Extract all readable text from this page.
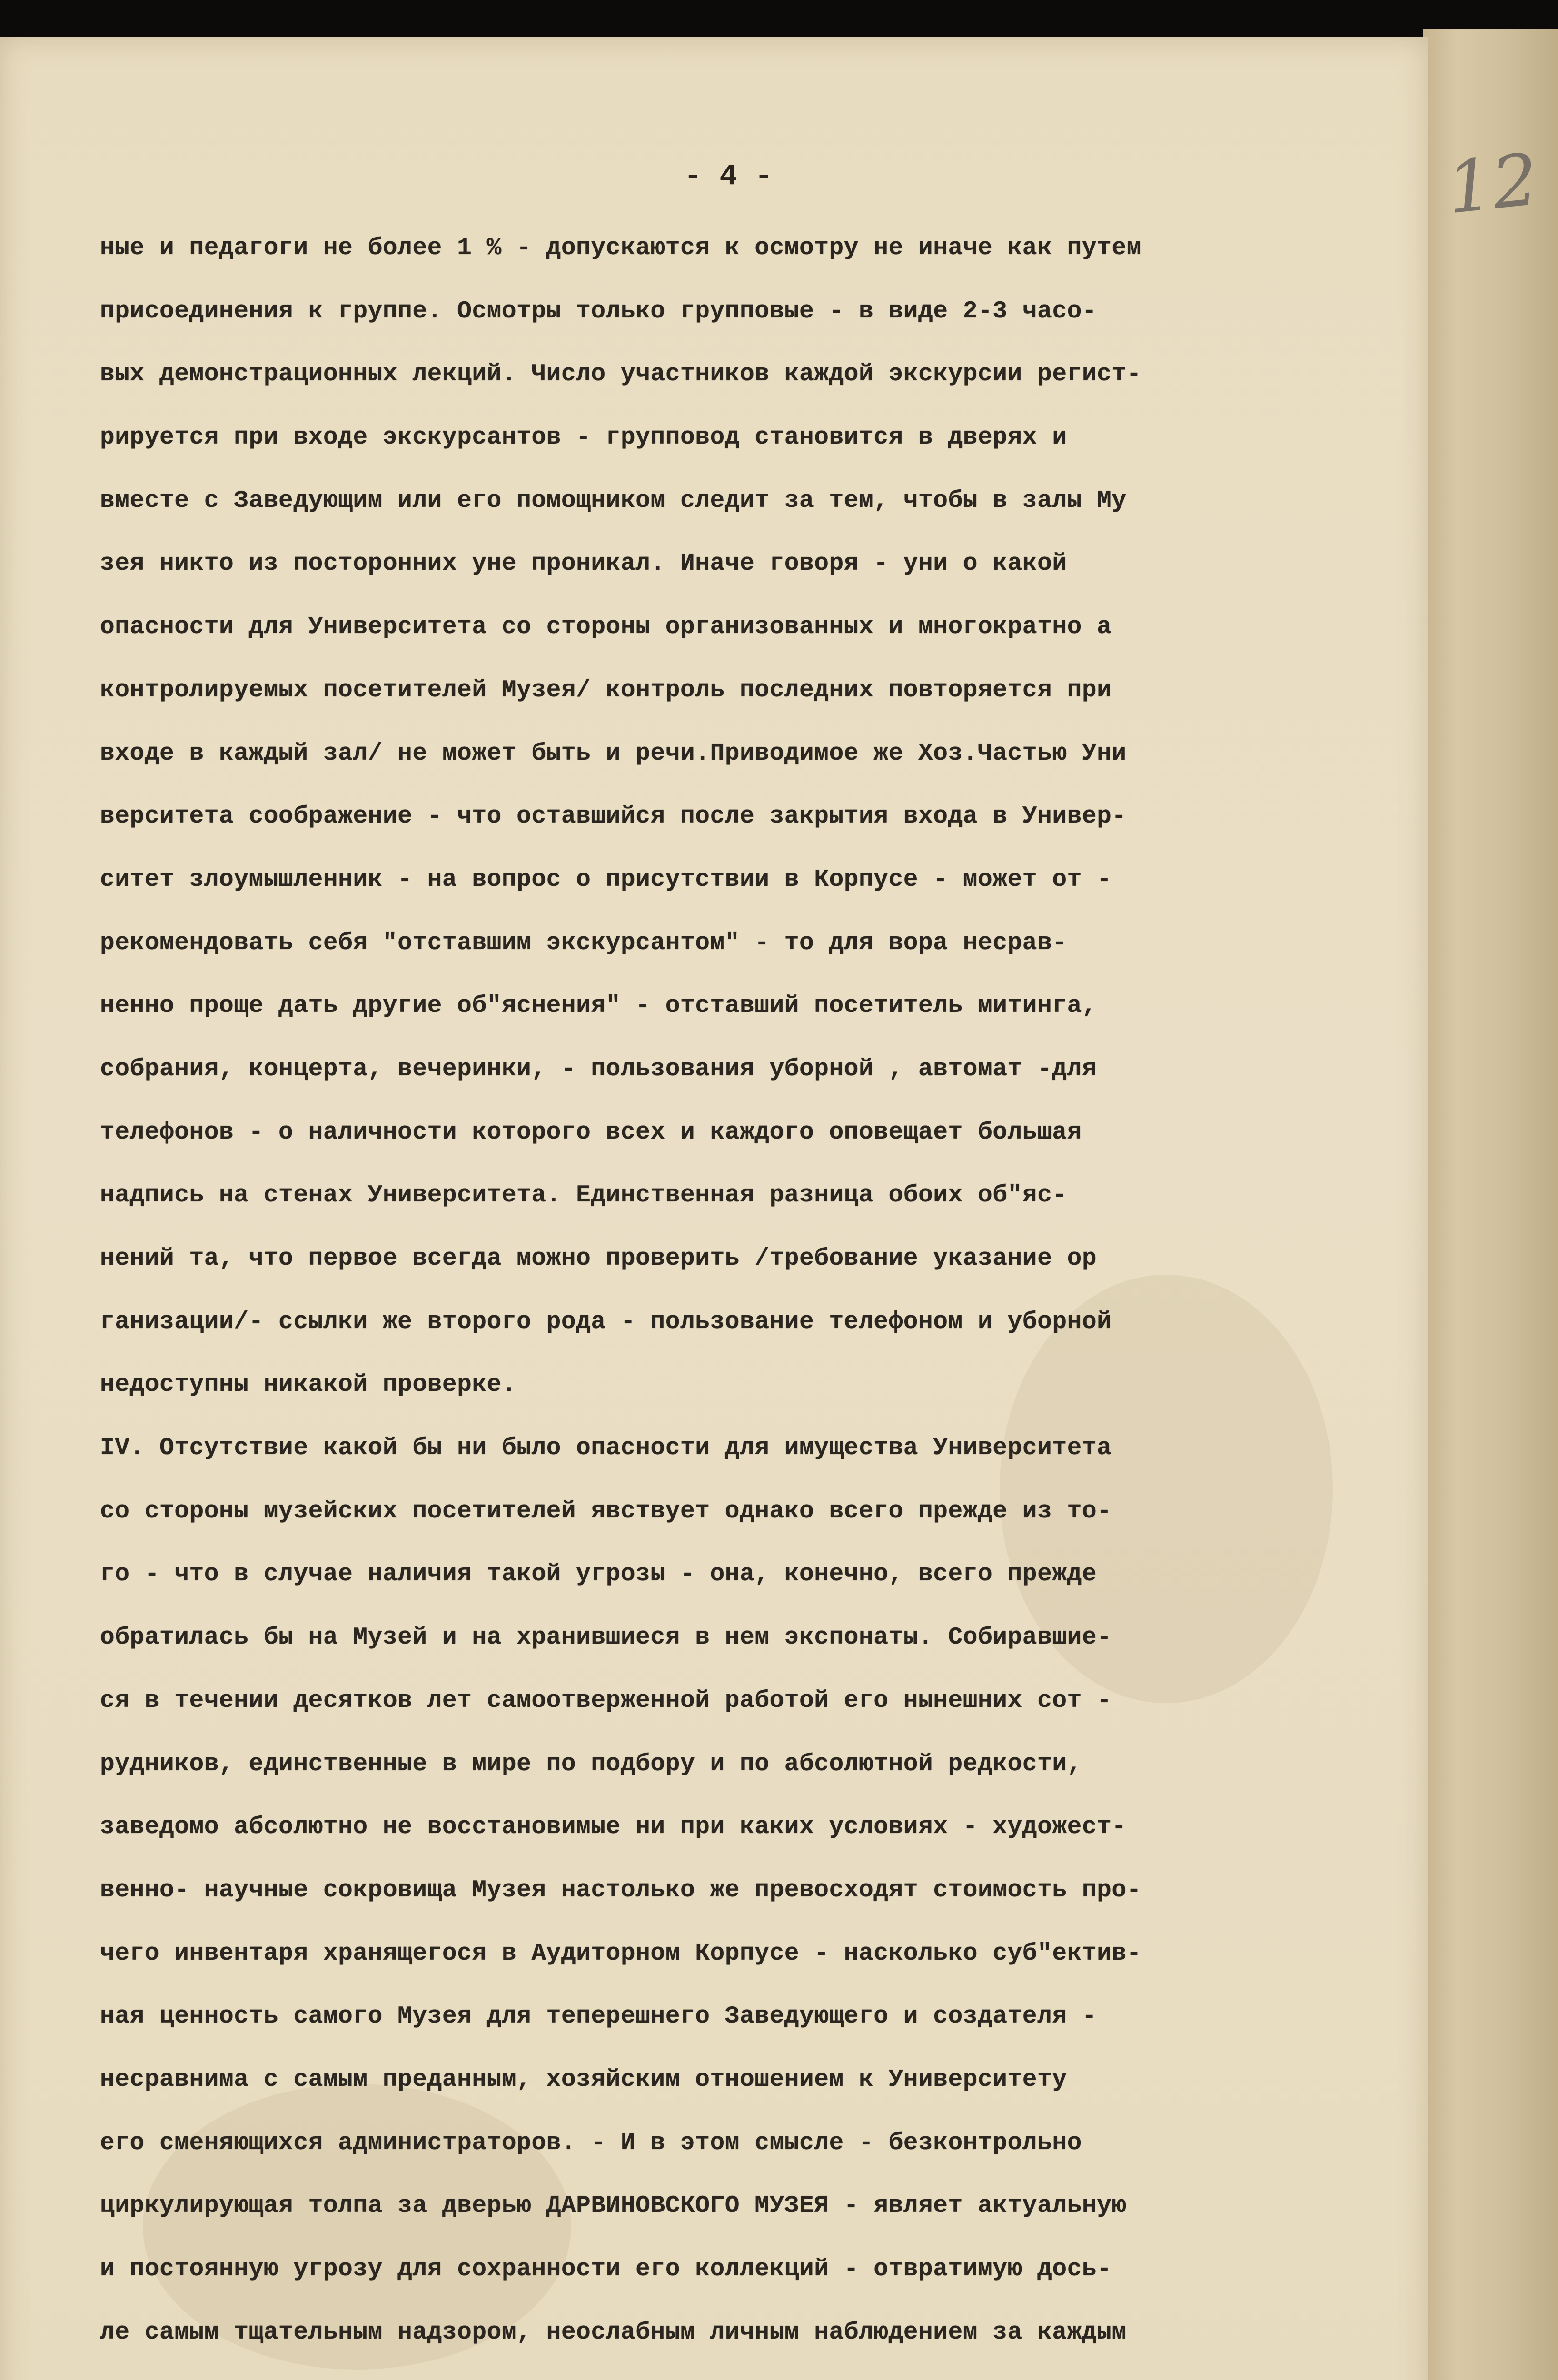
- 4 -	12
ные и педагоги не более 1 % - допускаются к осмотру не иначе как путем
присоединения к группе. Осмотры только групповые - в виде 2-3 часо-
вых демонстрационных лекций. Число участников каждой экскурсии регист-
рируется при входе экскурсантов - групповод становится в дверях и
вместе с Заведующим или его помощником следит за тем, чтобы в залы Му
зея никто из посторонних уне проникал. Иначе говоря - уни о какой
опасности для Университета со стороны организованных и многократно а
контролируемых посетителей Музея/ контроль последних повторяется при
входе в каждый зал/ не может быть и речи.Приводимое же Хоз.Частью Уни
верситета соображение - что оставшийся после закрытия входа в Универ-
ситет злоумышленник - на вопрос о присутствии в Корпусе - может от -
рекомендовать себя "отставшим экскурсантом" - то для вора несрав-
ненно проще дать другие об"яснения" - отставший посетитель митинга,
собрания, концерта, вечеринки, - пользования уборной , автомат -для
телефонов - о наличности которого всех и каждого оповещает большая
надпись на стенах Университета. Единственная разница обоих об"яс-
нений та, что первое всегда можно проверить /требование указание ор
ганизации/- ссылки же второго рода - пользование телефоном и уборной
недоступны никакой проверке.
IV. Отсутствие какой бы ни было опасности для имущества Университета
со стороны музейских посетителей явствует однако всего прежде из то-
го - что в случае наличия такой угрозы - она, конечно, всего прежде
обратилась бы на Музей и на хранившиеся в нем экспонаты. Собиравшие-
ся в течении десятков лет самоотверженной работой его нынешних сот -
рудников, единственные в мире по подбору и по абсолютной редкости,
заведомо абсолютно не восстановимые ни при каких условиях - художест-
венно- научные сокровища Музея настолько же превосходят стоимость про-
чего инвентаря хранящегося в Аудиторном Корпусе - насколько суб"ектив-
ная ценность самого Музея для теперешнего Заведующего и создателя -
несравнима с самым преданным, хозяйским отношением к Университету
его сменяющихся администраторов. - И в этом смысле - безконтрольно
циркулирующая толпа за дверью ДАРВИНОВСКОГО МУЗЕЯ - являет актуальную
и постоянную угрозу для сохранности его коллекций - отвратимую дось-
ле самым тщательным надзором, неослабным личным наблюдением за каждым
